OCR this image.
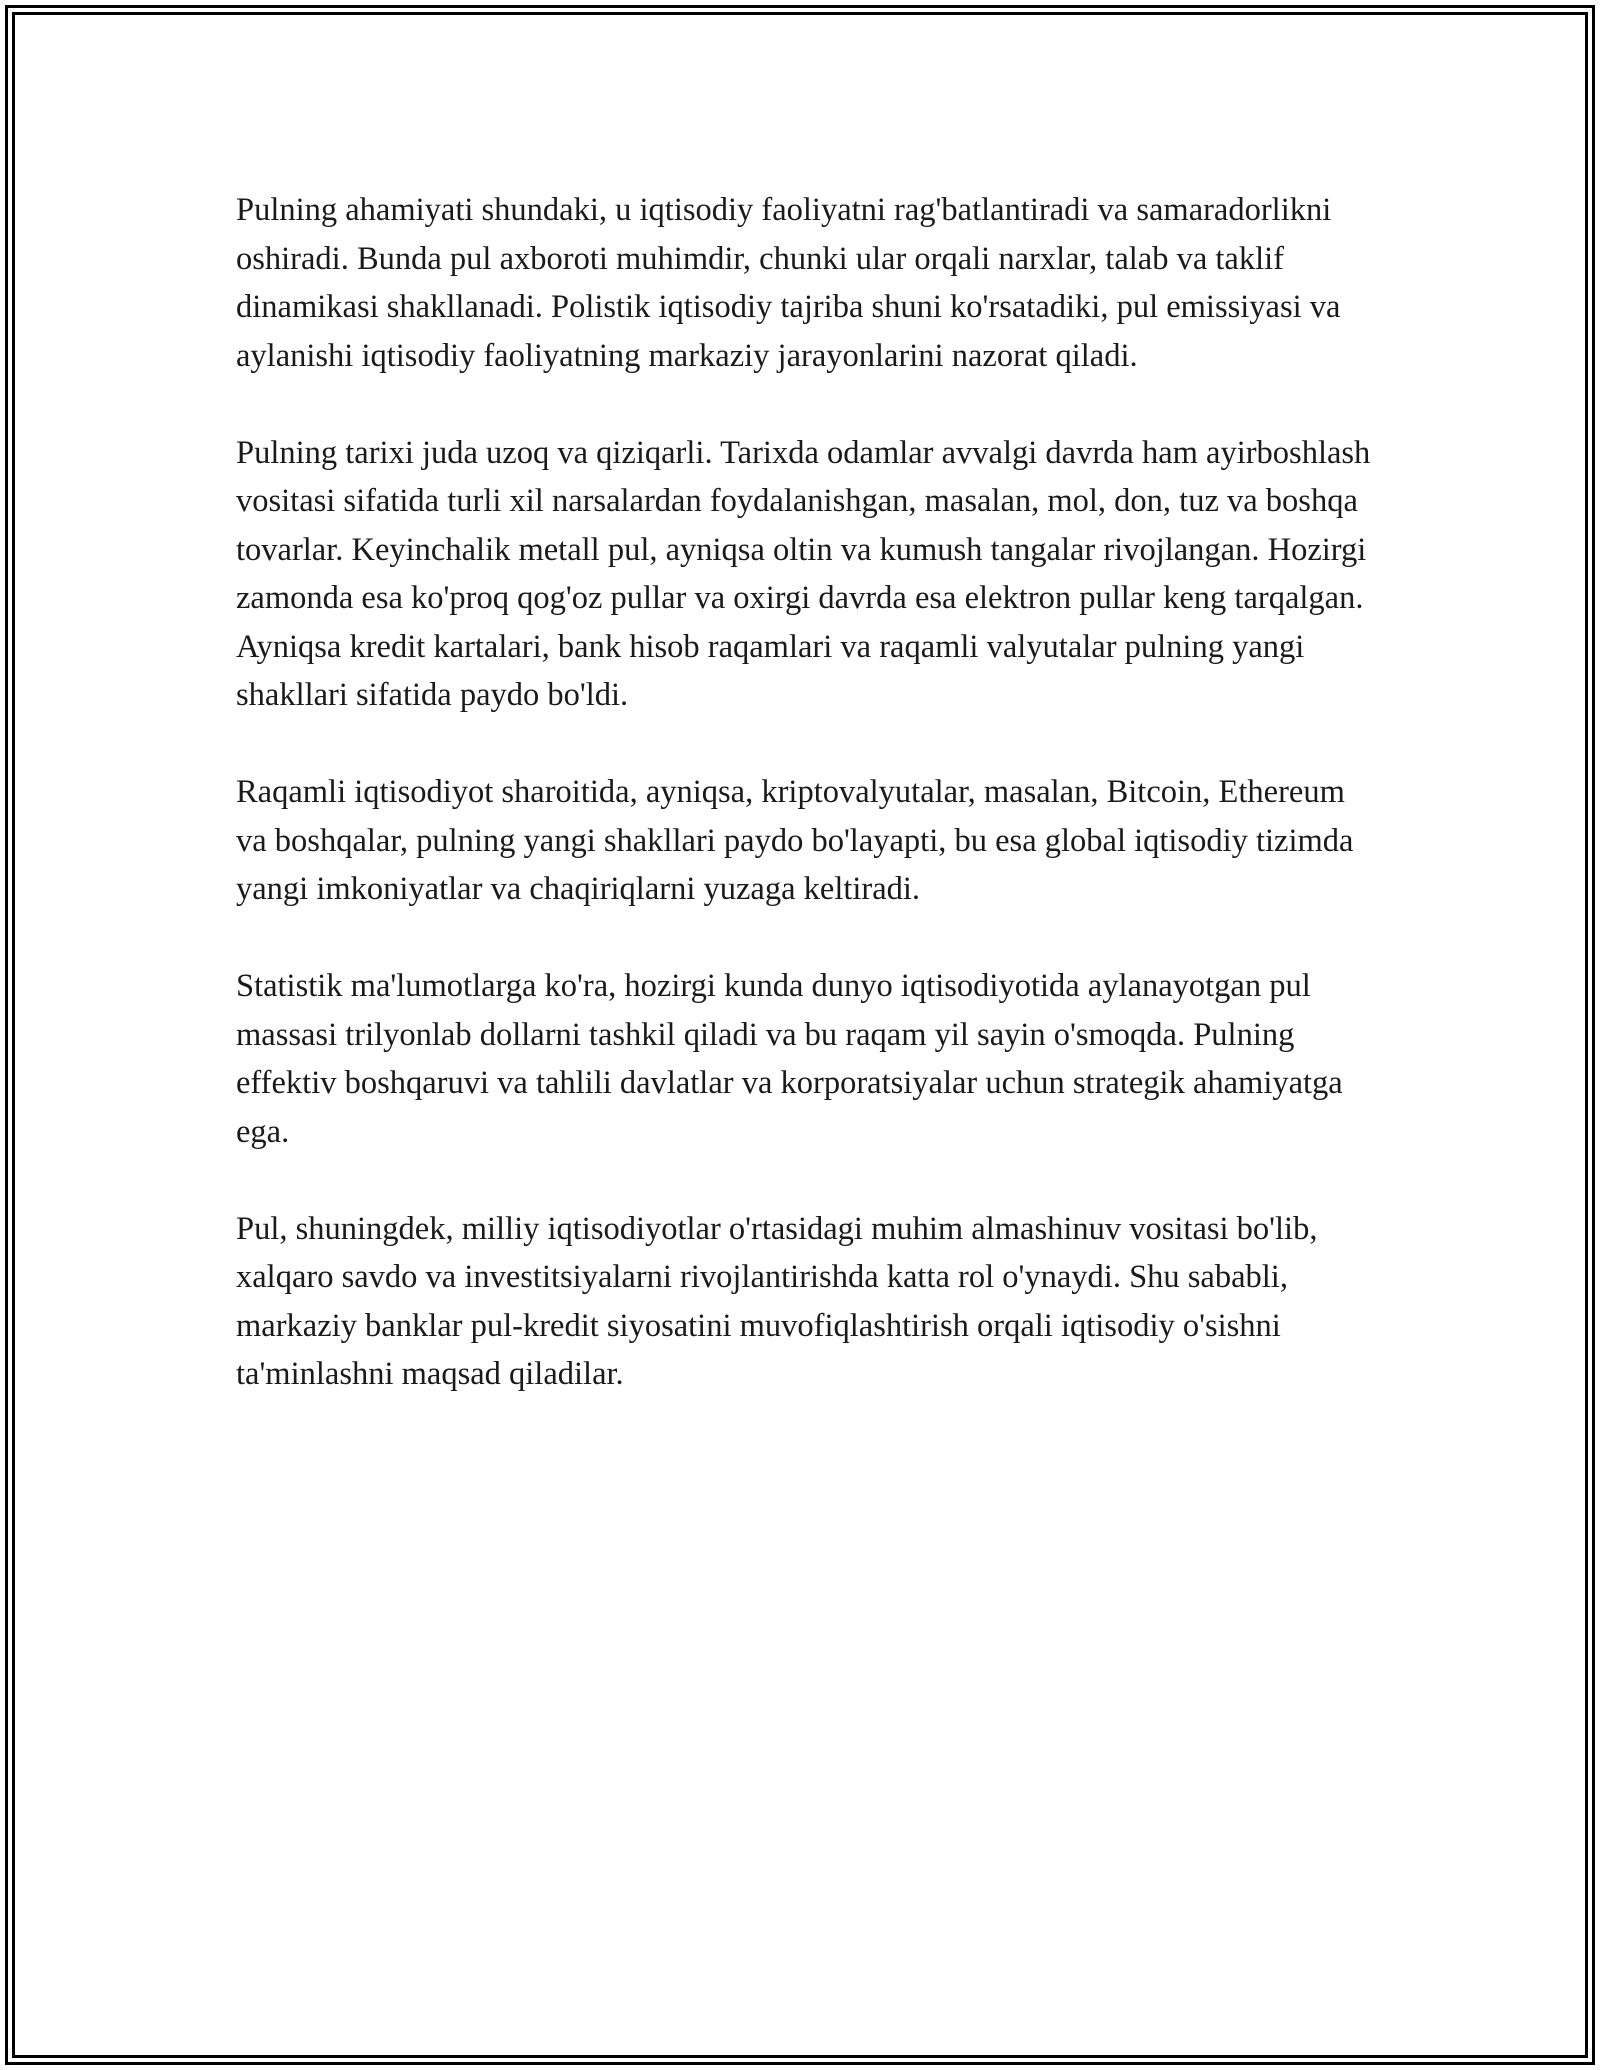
Pulning ahamiyati shundaki, u iqtisodiy faoliyatni rag'batlantiradi va samaradorlikni oshiradi. Bunda pul axboroti muhimdir, chunki ular orqali narxlar, talab va taklif dinamikasi shakllanadi. Polistik iqtisodiy tajriba shuni ko'rsatadiki, pul emissiyasi va aylanishi iqtisodiy faoliyatning markaziy jarayonlarini nazorat qiladi.

Pulning tarixi juda uzoq va qiziqarli. Tarixda odamlar avvalgi davrda ham ayirboshlash vositasi sifatida turli xil narsalardan foydalanishgan, masalan, mol, don, tuz va boshqa tovarlar. Keyinchalik metall pul, ayniqsa oltin va kumush tangalar rivojlangan. Hozirgi zamonda esa ko'proq qog'oz pullar va oxirgi davrda esa elektron pullar keng tarqalgan. Ayniqsa kredit kartalari, bank hisob raqamlari va raqamli valyutalar pulning yangi shakllari sifatida paydo bo'ldi.

Raqamli iqtisodiyot sharoitida, ayniqsa, kriptovalyutalar, masalan, Bitcoin, Ethereum va boshqalar, pulning yangi shakllari paydo bo'layapti, bu esa global iqtisodiy tizimda yangi imkoniyatlar va chaqiriqlarni yuzaga keltiradi.

Statistik ma'lumotlarga ko'ra, hozirgi kunda dunyo iqtisodiyotida aylanayotgan pul massasi trilyonlab dollarni tashkil qiladi va bu raqam yil sayin o'smoqda. Pulning effektiv boshqaruvi va tahlili davlatlar va korporatsiyalar uchun strategik ahamiyatga ega.

Pul, shuningdek, milliy iqtisodiyotlar o'rtasidagi muhim almashinuv vositasi bo'lib, xalqaro savdo va investitsiyalarni rivojlantirishda katta rol o'ynaydi. Shu sababli, markaziy banklar pul-kredit siyosatini muvofiqlashtirish orqali iqtisodiy o'sishni ta'minlashni maqsad qiladilar.
